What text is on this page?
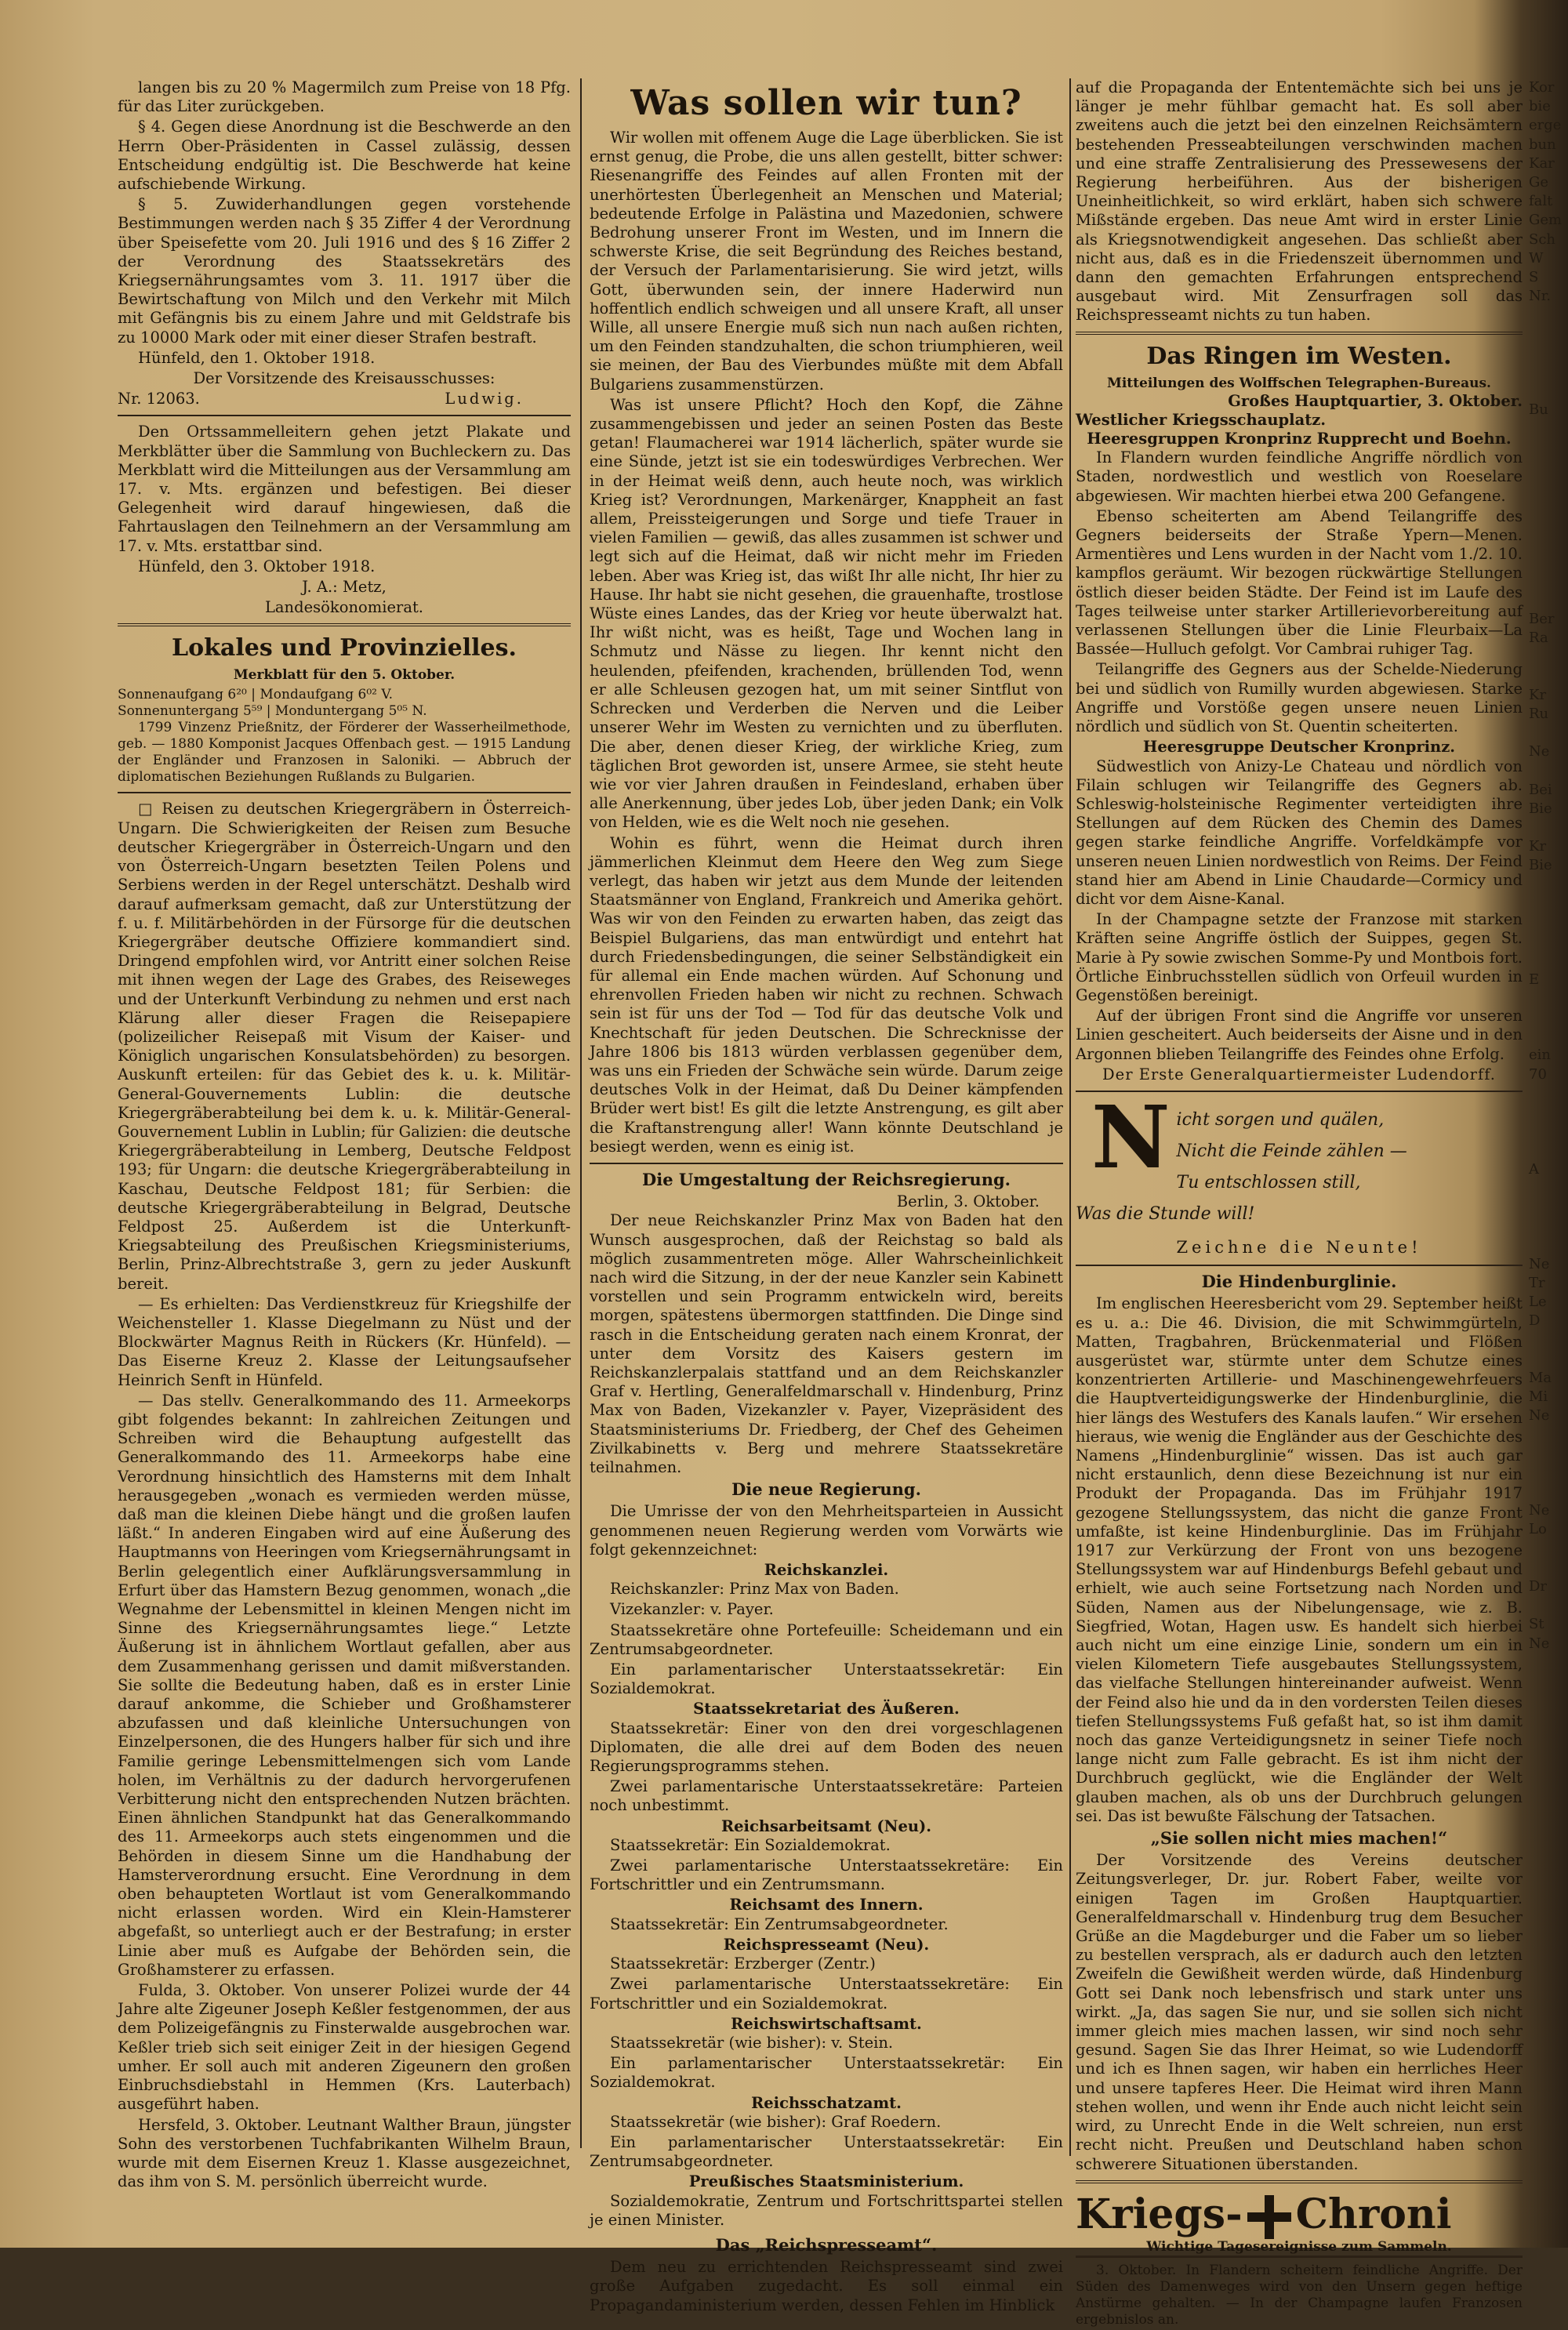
langen bis zu 20 % Magermilch zum Preise von 18 Pfg. für das Liter zurückgeben.
§ 4. Gegen diese Anordnung ist die Beschwerde an den Herrn Ober-Präsidenten in Cassel zulässig, dessen Entscheidung endgültig ist. Die Beschwerde hat keine aufschiebende Wirkung.
§ 5. Zuwiderhandlungen gegen vorstehende Bestimmungen werden nach § 35 Ziffer 4 der Verordnung über Speisefette vom 20. Juli 1916 und des § 16 Ziffer 2 der Verordnung des Staatssekretärs des Kriegsernährungsamtes vom 3. 11. 1917 über die Bewirtschaftung von Milch und den Verkehr mit Milch mit Gefängnis bis zu einem Jahre und mit Geldstrafe bis zu 10000 Mark oder mit einer dieser Strafen bestraft.
Hünfeld, den 1. Oktober 1918.
Der Vorsitzende des Kreisausschusses:
Nr. 12063.	Ludwig.
Den Ortssammelleitern gehen jetzt Plakate und Merkblätter über die Sammlung von Buchleckern zu. Das Merkblatt wird die Mitteilungen aus der Versammlung am 17. v. Mts. ergänzen und befestigen. Bei dieser Gelegenheit wird darauf hingewiesen, daß die Fahrtauslagen den Teilnehmern an der Versammlung am 17. v. Mts. erstattbar sind.
Hünfeld, den 3. Oktober 1918.
J. A.: Metz,
Landesökonomierat.
Lokales und Provinzielles.
Merkblatt für den 5. Oktober.
Sonnenaufgang 6²⁰ | Mondaufgang 6⁰² V.
Sonnenuntergang 5⁵⁹ | Monduntergang 5⁰⁵ N.
1799 Vinzenz Prießnitz, der Förderer der Wasserheilmethode, geb. — 1880 Komponist Jacques Offenbach gest. — 1915 Landung der Engländer und Franzosen in Saloniki. — Abbruch der diplomatischen Beziehungen Rußlands zu Bulgarien.
□ Reisen zu deutschen Kriegergräbern in Österreich-Ungarn. Die Schwierigkeiten der Reisen zum Besuche deutscher Kriegergräber in Österreich-Ungarn und den von Österreich-Ungarn besetzten Teilen Polens und Serbiens werden in der Regel unterschätzt. Deshalb wird darauf aufmerksam gemacht, daß zur Unterstützung der f. u. f. Militärbehörden in der Fürsorge für die deutschen Kriegergräber deutsche Offiziere kommandiert sind. Dringend empfohlen wird, vor Antritt einer solchen Reise mit ihnen wegen der Lage des Grabes, des Reiseweges und der Unterkunft Verbindung zu nehmen und erst nach Klärung aller dieser Fragen die Reisepapiere (polizeilicher Reisepaß mit Visum der Kaiser- und Königlich ungarischen Konsulatsbehörden) zu besorgen. Auskunft erteilen: für das Gebiet des k. u. k. Militär-General-Gouvernements Lublin: die deutsche Kriegergräberabteilung bei dem k. u. k. Militär-General-Gouvernement Lublin in Lublin; für Galizien: die deutsche Kriegergräberabteilung in Lemberg, Deutsche Feldpost 193; für Ungarn: die deutsche Kriegergräberabteilung in Kaschau, Deutsche Feldpost 181; für Serbien: die deutsche Kriegergräberabteilung in Belgrad, Deutsche Feldpost 25. Außerdem ist die Unterkunft-Kriegsabteilung des Preußischen Kriegsministeriums, Berlin, Prinz-Albrechtstraße 3, gern zu jeder Auskunft bereit.
— Es erhielten: Das Verdienstkreuz für Kriegshilfe der Weichensteller 1. Klasse Diegelmann zu Nüst und der Blockwärter Magnus Reith in Rückers (Kr. Hünfeld). — Das Eiserne Kreuz 2. Klasse der Leitungsaufseher Heinrich Senft in Hünfeld.
— Das stellv. Generalkommando des 11. Armeekorps gibt folgendes bekannt: In zahlreichen Zeitungen und Schreiben wird die Behauptung aufgestellt das Generalkommando des 11. Armeekorps habe eine Verordnung hinsichtlich des Hamsterns mit dem Inhalt herausgegeben „wonach es vermieden werden müsse, daß man die kleinen Diebe hängt und die großen laufen läßt.“ In anderen Eingaben wird auf eine Äußerung des Hauptmanns von Heeringen vom Kriegsernährungsamt in Berlin gelegentlich einer Aufklärungsversammlung in Erfurt über das Hamstern Bezug genommen, wonach „die Wegnahme der Lebensmittel in kleinen Mengen nicht im Sinne des Kriegsernährungsamtes liege.“ Letzte Äußerung ist in ähnlichem Wortlaut gefallen, aber aus dem Zusammenhang gerissen und damit mißverstanden. Sie sollte die Bedeutung haben, daß es in erster Linie darauf ankomme, die Schieber und Großhamsterer abzufassen und daß kleinliche Untersuchungen von Einzelpersonen, die des Hungers halber für sich und ihre Familie geringe Lebensmittelmengen sich vom Lande holen, im Verhältnis zu der dadurch hervorgerufenen Verbitterung nicht den entsprechenden Nutzen brächten. Einen ähnlichen Standpunkt hat das Generalkommando des 11. Armeekorps auch stets eingenommen und die Behörden in diesem Sinne um die Handhabung der Hamsterverordnung ersucht. Eine Verordnung in dem oben behaupteten Wortlaut ist vom Generalkommando nicht erlassen worden. Wird ein Klein-Hamsterer abgefaßt, so unterliegt auch er der Bestrafung; in erster Linie aber muß es Aufgabe der Behörden sein, die Großhamsterer zu erfassen.
Fulda, 3. Oktober. Von unserer Polizei wurde der 44 Jahre alte Zigeuner Joseph Keßler festgenommen, der aus dem Polizeigefängnis zu Finsterwalde ausgebrochen war. Keßler trieb sich seit einiger Zeit in der hiesigen Gegend umher. Er soll auch mit anderen Zigeunern den großen Einbruchsdiebstahl in Hemmen (Krs. Lauterbach) ausgeführt haben.
Hersfeld, 3. Oktober. Leutnant Walther Braun, jüngster Sohn des verstorbenen Tuchfabrikanten Wilhelm Braun, wurde mit dem Eisernen Kreuz 1. Klasse ausgezeichnet, das ihm von S. M. persönlich überreicht wurde.
Was sollen wir tun?
Wir wollen mit offenem Auge die Lage überblicken. Sie ist ernst genug, die Probe, die uns allen gestellt, bitter schwer: Riesenangriffe des Feindes auf allen Fronten mit der unerhörtesten Überlegenheit an Menschen und Material; bedeutende Erfolge in Palästina und Mazedonien, schwere Bedrohung unserer Front im Westen, und im Innern die schwerste Krise, die seit Begründung des Reiches bestand, der Versuch der Parlamentarisierung. Sie wird jetzt, wills Gott, überwunden sein, der innere Haderwird nun hoffentlich endlich schweigen und all unsere Kraft, all unser Wille, all unsere Energie muß sich nun nach außen richten, um den Feinden standzuhalten, die schon triumphieren, weil sie meinen, der Bau des Vierbundes müßte mit dem Abfall Bulgariens zusammenstürzen.
Was ist unsere Pflicht? Hoch den Kopf, die Zähne zusammengebissen und jeder an seinen Posten das Beste getan! Flaumacherei war 1914 lächerlich, später wurde sie eine Sünde, jetzt ist sie ein todeswürdiges Verbrechen. Wer in der Heimat weiß denn, auch heute noch, was wirklich Krieg ist? Verordnungen, Markenärger, Knappheit an fast allem, Preissteigerungen und Sorge und tiefe Trauer in vielen Familien — gewiß, das alles zusammen ist schwer und legt sich auf die Heimat, daß wir nicht mehr im Frieden leben. Aber was Krieg ist, das wißt Ihr alle nicht, Ihr hier zu Hause. Ihr habt sie nicht gesehen, die grauenhafte, trostlose Wüste eines Landes, das der Krieg vor heute überwalzt hat. Ihr wißt nicht, was es heißt, Tage und Wochen lang in Schmutz und Nässe zu liegen. Ihr kennt nicht den heulenden, pfeifenden, krachenden, brüllenden Tod, wenn er alle Schleusen gezogen hat, um mit seiner Sintflut von Schrecken und Verderben die Nerven und die Leiber unserer Wehr im Westen zu vernichten und zu überfluten. Die aber, denen dieser Krieg, der wirkliche Krieg, zum täglichen Brot geworden ist, unsere Armee, sie steht heute wie vor vier Jahren draußen in Feindesland, erhaben über alle Anerkennung, über jedes Lob, über jeden Dank; ein Volk von Helden, wie es die Welt noch nie gesehen.
Wohin es führt, wenn die Heimat durch ihren jämmerlichen Kleinmut dem Heere den Weg zum Siege verlegt, das haben wir jetzt aus dem Munde der leitenden Staatsmänner von England, Frankreich und Amerika gehört. Was wir von den Feinden zu erwarten haben, das zeigt das Beispiel Bulgariens, das man entwürdigt und entehrt hat durch Friedensbedingungen, die seiner Selbständigkeit ein für allemal ein Ende machen würden. Auf Schonung und ehrenvollen Frieden haben wir nicht zu rechnen. Schwach sein ist für uns der Tod — Tod für das deutsche Volk und Knechtschaft für jeden Deutschen. Die Schrecknisse der Jahre 1806 bis 1813 würden verblassen gegenüber dem, was uns ein Frieden der Schwäche sein würde. Darum zeige deutsches Volk in der Heimat, daß Du Deiner kämpfenden Brüder wert bist! Es gilt die letzte Anstrengung, es gilt aber die Kraftanstrengung aller! Wann könnte Deutschland je besiegt werden, wenn es einig ist.
Die Umgestaltung der Reichsregierung.
Berlin, 3. Oktober.
Der neue Reichskanzler Prinz Max von Baden hat den Wunsch ausgesprochen, daß der Reichstag so bald als möglich zusammentreten möge. Aller Wahrscheinlichkeit nach wird die Sitzung, in der der neue Kanzler sein Kabinett vorstellen und sein Programm entwickeln wird, bereits morgen, spätestens übermorgen stattfinden. Die Dinge sind rasch in die Entscheidung geraten nach einem Kronrat, der unter dem Vorsitz des Kaisers gestern im Reichskanzlerpalais stattfand und an dem Reichskanzler Graf v. Hertling, Generalfeldmarschall v. Hindenburg, Prinz Max von Baden, Vizekanzler v. Payer, Vizepräsident des Staatsministeriums Dr. Friedberg, der Chef des Geheimen Zivilkabinetts v. Berg und mehrere Staatssekretäre teilnahmen.
Die neue Regierung.
Die Umrisse der von den Mehrheitsparteien in Aussicht genommenen neuen Regierung werden vom Vorwärts wie folgt gekennzeichnet:
Reichskanzlei.
Reichskanzler: Prinz Max von Baden.
Vizekanzler: v. Payer.
Staatssekretäre ohne Portefeuille: Scheidemann und ein Zentrumsabgeordneter.
Ein parlamentarischer Unterstaatssekretär: Ein Sozialdemokrat.
Staatssekretariat des Äußeren.
Staatssekretär: Einer von den drei vorgeschlagenen Diplomaten, die alle drei auf dem Boden des neuen Regierungsprogramms stehen.
Zwei parlamentarische Unterstaatssekretäre: Parteien noch unbestimmt.
Reichsarbeitsamt (Neu).
Staatssekretär: Ein Sozialdemokrat.
Zwei parlamentarische Unterstaatssekretäre: Ein Fortschrittler und ein Zentrumsmann.
Reichsamt des Innern.
Staatssekretär: Ein Zentrumsabgeordneter.
Reichspresseamt (Neu).
Staatssekretär: Erzberger (Zentr.)
Zwei parlamentarische Unterstaatssekretäre: Ein Fortschrittler und ein Sozialdemokrat.
Reichswirtschaftsamt.
Staatssekretär (wie bisher): v. Stein.
Ein parlamentarischer Unterstaatssekretär: Ein Sozialdemokrat.
Reichsschatzamt.
Staatssekretär (wie bisher): Graf Roedern.
Ein parlamentarischer Unterstaatssekretär: Ein Zentrumsabgeordneter.
Preußisches Staatsministerium.
Sozialdemokratie, Zentrum und Fortschrittspartei stellen je einen Minister.
Das „Reichspresseamt“.
Dem neu zu errichtenden Reichspresseamt sind zwei große Aufgaben zugedacht. Es soll einmal ein Propagandaministerium werden, dessen Fehlen im Hinblick
auf die Propaganda der Ententemächte sich bei uns je länger je mehr fühlbar gemacht hat. Es soll aber zweitens auch die jetzt bei den einzelnen Reichsämtern bestehenden Presseabteilungen verschwinden machen und eine straffe Zentralisierung des Pressewesens der Regierung herbeiführen. Aus der bisherigen Uneinheitlichkeit, so wird erklärt, haben sich schwere Mißstände ergeben. Das neue Amt wird in erster Linie als Kriegsnotwendigkeit angesehen. Das schließt aber nicht aus, daß es in die Friedenszeit übernommen und dann den gemachten Erfahrungen entsprechend ausgebaut wird. Mit Zensurfragen soll das Reichspresseamt nichts zu tun haben.
Das Ringen im Westen.
Mitteilungen des Wolffschen Telegraphen-Bureaus.
Großes Hauptquartier, 3. Oktober.
Westlicher Kriegsschauplatz.
Heeresgruppen Kronprinz Rupprecht und Boehn.
In Flandern wurden feindliche Angriffe nördlich von Staden, nordwestlich und westlich von Roeselare abgewiesen. Wir machten hierbei etwa 200 Gefangene.
Ebenso scheiterten am Abend Teilangriffe des Gegners beiderseits der Straße Ypern—Menen. Armentières und Lens wurden in der Nacht vom 1./2. 10. kampflos geräumt. Wir bezogen rückwärtige Stellungen östlich dieser beiden Städte. Der Feind ist im Laufe des Tages teilweise unter starker Artillerievorbereitung auf verlassenen Stellungen über die Linie Fleurbaix—La Bassée—Hulluch gefolgt. Vor Cambrai ruhiger Tag.
Teilangriffe des Gegners aus der Schelde-Niederung bei und südlich von Rumilly wurden abgewiesen. Starke Angriffe und Vorstöße gegen unsere neuen Linien nördlich und südlich von St. Quentin scheiterten.
Heeresgruppe Deutscher Kronprinz.
Südwestlich von Anizy-Le Chateau und nördlich von Filain schlugen wir Teilangriffe des Gegners ab. Schleswig-holsteinische Regimenter verteidigten ihre Stellungen auf dem Rücken des Chemin des Dames gegen starke feindliche Angriffe. Vorfeldkämpfe vor unseren neuen Linien nordwestlich von Reims. Der Feind stand hier am Abend in Linie Chaudarde—Cormicy und dicht vor dem Aisne-Kanal.
In der Champagne setzte der Franzose mit starken Kräften seine Angriffe östlich der Suippes, gegen St. Marie à Py sowie zwischen Somme-Py und Montbois fort. Örtliche Einbruchsstellen südlich von Orfeuil wurden in Gegenstößen bereinigt.
Auf der übrigen Front sind die Angriffe vor unseren Linien gescheitert. Auch beiderseits der Aisne und in den Argonnen blieben Teilangriffe des Feindes ohne Erfolg.
Der Erste Generalquartiermeister Ludendorff.
N icht sorgen und quälen,
Nicht die Feinde zählen —
Tu entschlossen still,
Was die Stunde will!
Zeichne die Neunte!
Die Hindenburglinie.
Im englischen Heeresbericht vom 29. September heißt es u. a.: Die 46. Division, die mit Schwimmgürteln, Matten, Tragbahren, Brückenmaterial und Flößen ausgerüstet war, stürmte unter dem Schutze eines konzentrierten Artillerie- und Maschinengewehrfeuers die Hauptverteidigungswerke der Hindenburglinie, die hier längs des Westufers des Kanals laufen.“ Wir ersehen hieraus, wie wenig die Engländer aus der Geschichte des Namens „Hindenburglinie“ wissen. Das ist auch gar nicht erstaunlich, denn diese Bezeichnung ist nur ein Produkt der Propaganda. Das im Frühjahr 1917 gezogene Stellungssystem, das nicht die ganze Front umfaßte, ist keine Hindenburglinie. Das im Frühjahr 1917 zur Verkürzung der Front von uns bezogene Stellungssystem war auf Hindenburgs Befehl gebaut und erhielt, wie auch seine Fortsetzung nach Norden und Süden, Namen aus der Nibelungensage, wie z. B. Siegfried, Wotan, Hagen usw. Es handelt sich hierbei auch nicht um eine einzige Linie, sondern um ein in vielen Kilometern Tiefe ausgebautes Stellungssystem, das vielfache Stellungen hintereinander aufweist. Wenn der Feind also hie und da in den vordersten Teilen dieses tiefen Stellungssystems Fuß gefaßt hat, so ist ihm damit noch das ganze Verteidigungsnetz in seiner Tiefe noch lange nicht zum Falle gebracht. Es ist ihm nicht der Durchbruch geglückt, wie die Engländer der Welt glauben machen, als ob uns der Durchbruch gelungen sei. Das ist bewußte Fälschung der Tatsachen.
„Sie sollen nicht mies machen!“
Der Vorsitzende des Vereins deutscher Zeitungsverleger, Dr. jur. Robert Faber, weilte vor einigen Tagen im Großen Hauptquartier. Generalfeldmarschall v. Hindenburg trug dem Besucher Grüße an die Magdeburger und die Faber um so lieber zu bestellen versprach, als er dadurch auch den letzten Zweifeln die Gewißheit werden würde, daß Hindenburg Gott sei Dank noch lebensfrisch und stark unter uns wirkt. „Ja, das sagen Sie nur, und sie sollen sich nicht immer gleich mies machen lassen, wir sind noch sehr gesund. Sagen Sie das Ihrer Heimat, so wie Ludendorff und ich es Ihnen sagen, wir haben ein herrliches Heer und unsere tapferes Heer. Die Heimat wird ihren Mann stehen wollen, und wenn ihr Ende auch nicht leicht sein wird, zu Unrecht Ende in die Welt schreien, nun erst recht nicht. Preußen und Deutschland haben schon schwerere Situationen überstanden.
Kriegs- Chroni
Wichtige Tagesereignisse zum Sammeln.
3. Oktober. In Flandern scheitern feindliche Angriffe. Der Süden des Damenweges wird von den Unsern gegen heftige Anstürme gehalten. — In der Champagne laufen Franzosen ergebnislos an.
Kor
bie
erge
bun
Kar
Ge
falt
Gem
Sch
W
S
Nr.

Bu

Ber
Ra

Kr
Ru

Ne

Bei
Bie

Kr
Bie

E

ein
70

A

Ne
Tr
Le
D

Ma
Mi
Ne

Ne
Lo

Dr

St
Ne
